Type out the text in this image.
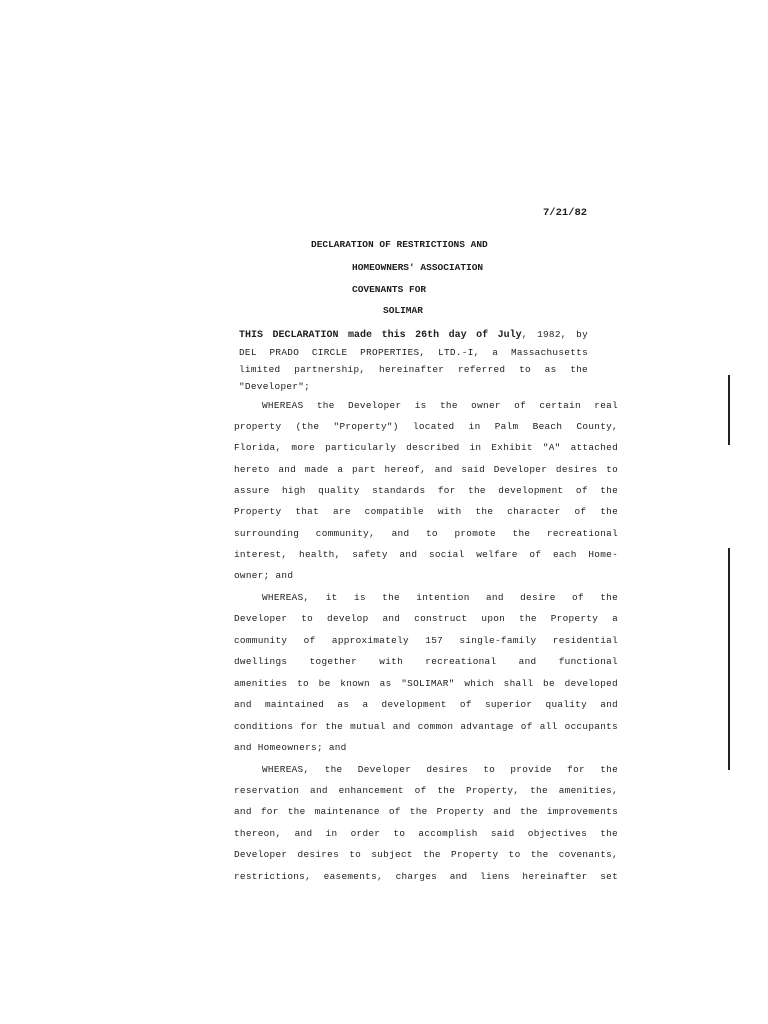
7/21/82
DECLARATION OF RESTRICTIONS AND
HOMEOWNERS' ASSOCIATION
COVENANTS FOR
SOLIMAR
THIS DECLARATION made this 26th day of July, 1982, by
DEL PRADO CIRCLE PROPERTIES, LTD.-I, a Massachusetts
limited partnership, hereinafter referred to as the
"Developer";
WHEREAS the Developer is the owner of certain real
property (the "Property") located in Palm Beach County,
Florida, more particularly described in Exhibit "A" attached
hereto and made a part hereof, and said Developer desires to
assure high quality standards for the development of the
Property that are compatible with the character of the
surrounding community, and to promote the recreational
interest, health, safety and social welfare of each Home-
owner; and
WHEREAS, it is the intention and desire of the
Developer to develop and construct upon the Property a
community of approximately 157 single-family residential
dwellings together with recreational and functional
amenities to be known as "SOLIMAR" which shall be developed
and maintained as a development of superior quality and
conditions for the mutual and common advantage of all occupants
and Homeowners; and
WHEREAS, the Developer desires to provide for the
reservation and enhancement of the Property, the amenities,
and for the maintenance of the Property and the improvements
thereon, and in order to accomplish said objectives the
Developer desires to subject the Property to the covenants,
restrictions, easements, charges and liens hereinafter set
